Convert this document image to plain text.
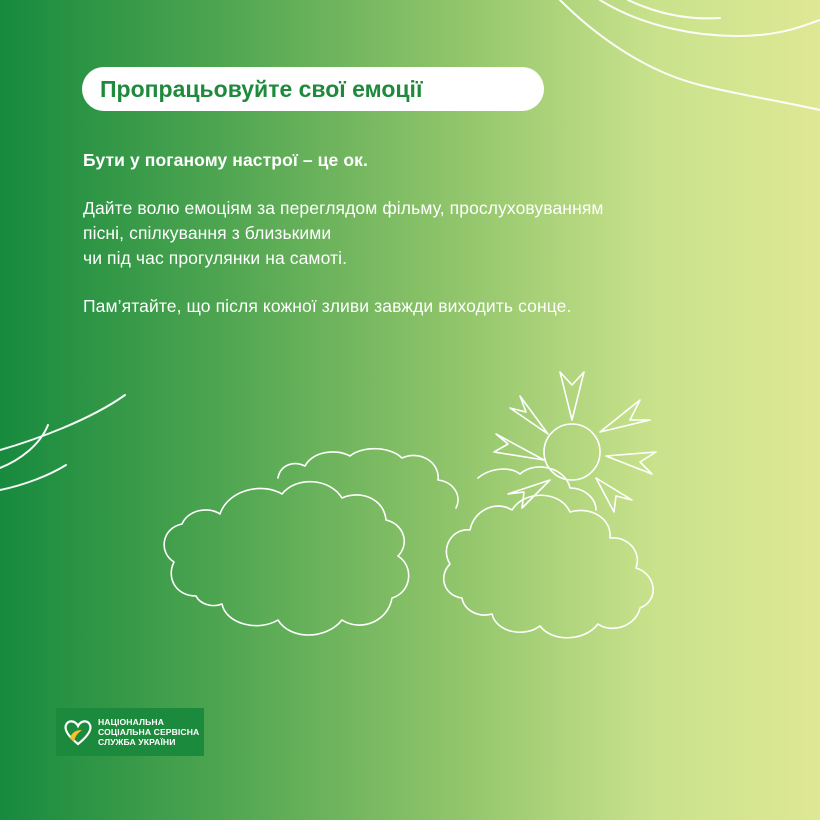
Пропрацьовуйте свої емоції

Бути у поганому настрої – це ок.

Дайте волю емоціям за переглядом фільму, прослуховуванням
пісні, спілкування з близькими
чи під час прогулянки на самоті.

Пам’ятайте, що після кожної зливи завжди виходить сонце.

НАЦІОНАЛЬНА
СОЦІАЛЬНА СЕРВІСНА
СЛУЖБА УКРАЇНИ
